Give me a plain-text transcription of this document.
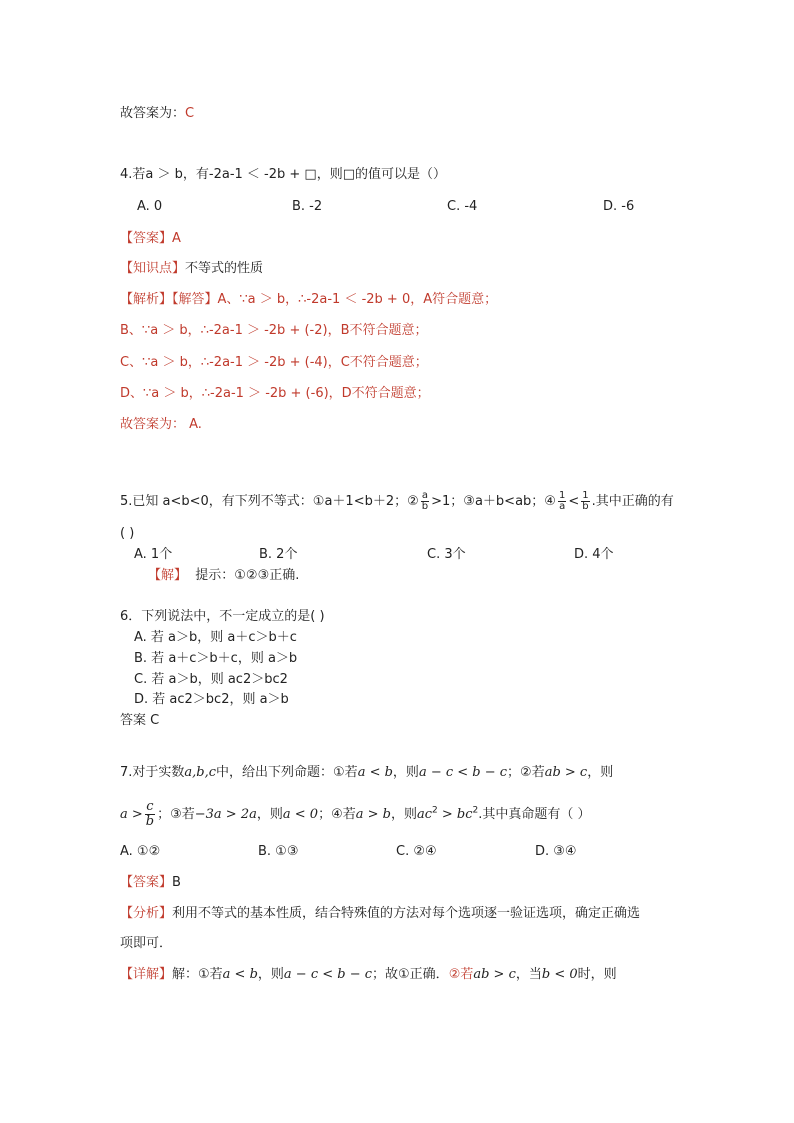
故答案为：C
4.若a ＞ b，有-2a-1 ＜ -2b + □，则□的值可以是（）
A. 0	B. -2	C. -4	D. -6
【答案】A
【知识点】不等式的性质
【解析】【解答】A、∵a ＞ b，∴-2a-1 ＜ -2b + 0，A符合题意；
B、∵a ＞ b，∴-2a-1 ＞ -2b + (-2)，B不符合题意；
C、∵a ＞ b，∴-2a-1 ＞ -2b + (-4)，C不符合题意；
D、∵a ＞ b，∴-2a-1 ＞ -2b + (-6)，D不符合题意；
故答案为： A.
5.已知 a<b<0，有下列不等式：①a＋1<b＋2；② $\frac{a}{b} >1$；③a＋b<ab；④ $\frac{1}{a} < \frac{1}{b}$ .其中正确的有
( )
A. 1个	B. 2个	C. 3个	D. 4个
【解】 提示：①②③正确.
6．下列说法中，不一定成立的是( )
A. 若 a＞b，则 a＋c＞b＋c
B. 若 a＋c＞b＋c，则 a＞b
C. 若 a＞b，则 ac2＞bc2
D. 若 ac2＞bc2，则 a＞b
答案 C
7.对于实数a,b,c中，给出下列命题：①若a < b，则a − c < b − c；②若ab > c，则
$a > \frac{c}{b}$ ；③若−3a > 2a，则a < 0；④若a > b，则$ac^2 > bc^2$.其中真命题有（ ）
A. ①②	B. ①③	C. ②④	D. ③④
【答案】B
【分析】利用不等式的基本性质，结合特殊值的方法对每个选项逐一验证选项，确定正确选
项即可．
【详解】解：①若a < b，则a − c < b − c；故①正确．②若ab > c，当b < 0时，则
